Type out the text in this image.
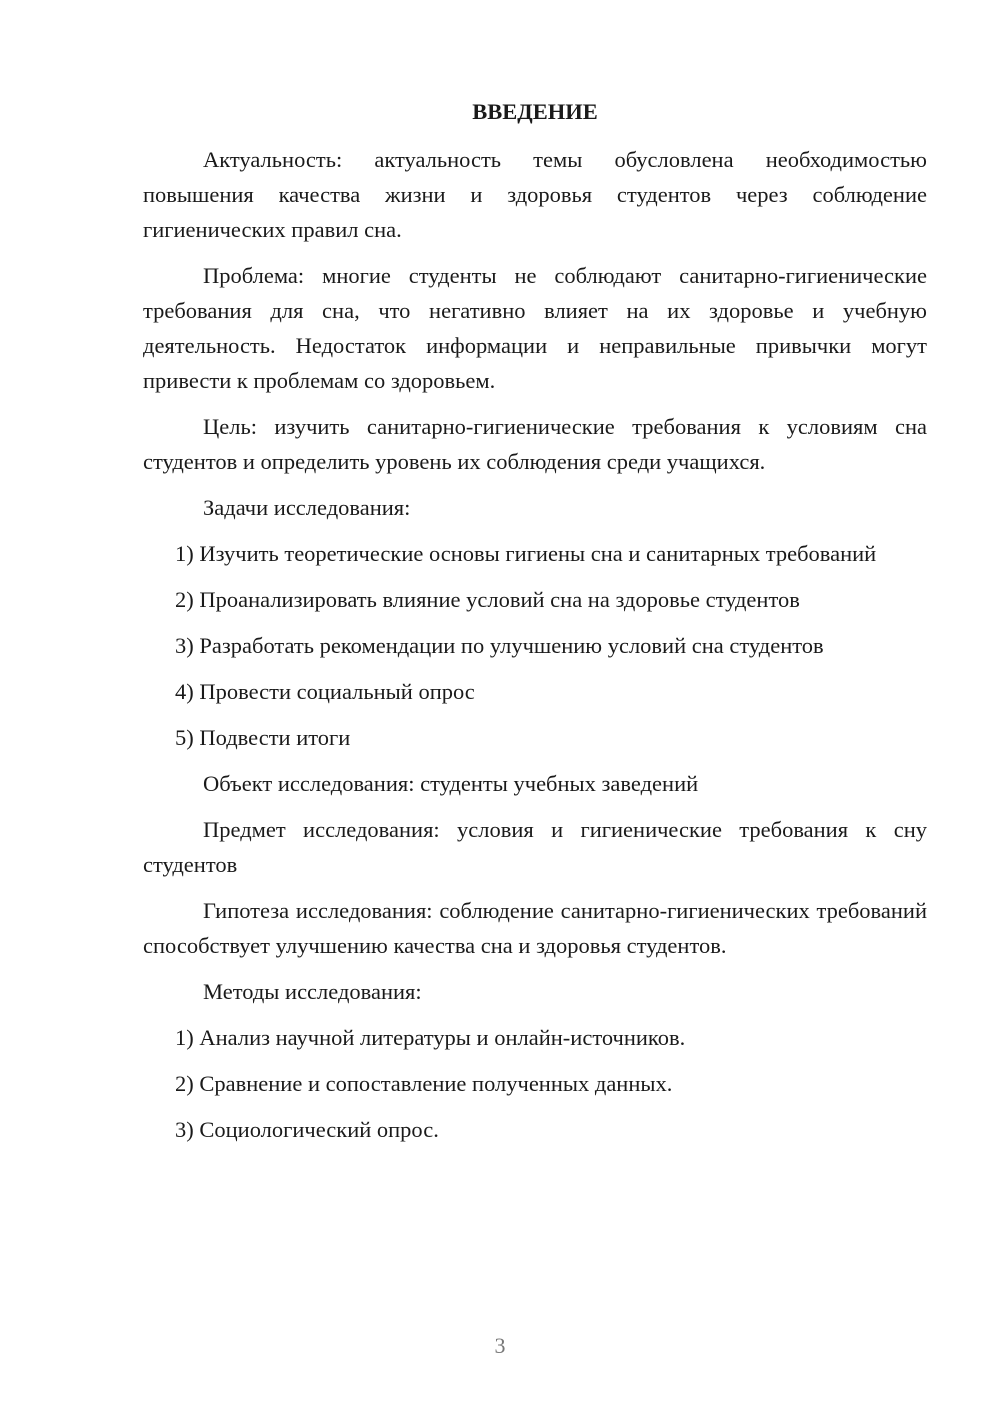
ВВЕДЕНИЕ

Актуальность: актуальность темы обусловлена необходимостью повышения качества жизни и здоровья студентов через соблюдение гигиенических правил сна.

Проблема: многие студенты не соблюдают санитарно-гигиенические требования для сна, что негативно влияет на их здоровье и учебную деятельность. Недостаток информации и неправильные привычки могут привести к проблемам со здоровьем.

Цель: изучить санитарно-гигиенические требования к условиям сна студентов и определить уровень их соблюдения среди учащихся.

Задачи исследования:

1) Изучить теоретические основы гигиены сна и санитарных требований

2) Проанализировать влияние условий сна на здоровье студентов

3) Разработать рекомендации по улучшению условий сна студентов

4) Провести социальный опрос

5) Подвести итоги

Объект исследования: студенты учебных заведений

Предмет исследования: условия и гигиенические требования к сну студентов

Гипотеза исследования: соблюдение санитарно-гигиенических требований способствует улучшению качества сна и здоровья студентов.

Методы исследования:

1) Анализ научной литературы и онлайн-источников.

2) Сравнение и сопоставление полученных данных.

3) Социологический опрос.

3
